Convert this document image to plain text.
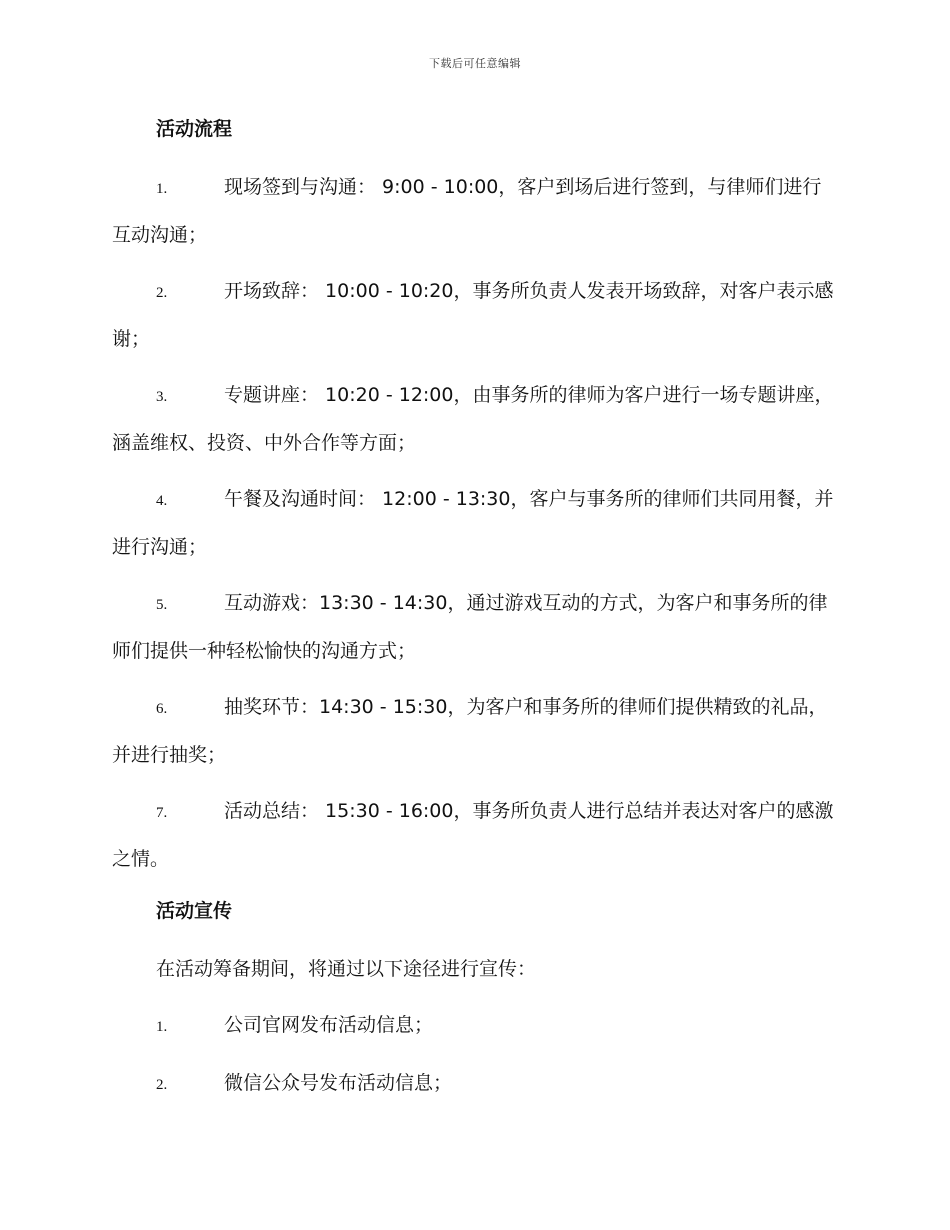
下载后可任意编辑
活动流程
1.	现场签到与沟通： 9:00 - 10:00，客户到场后进行签到，与律师们进行互动沟通；
2.	开场致辞： 10:00 - 10:20，事务所负责人发表开场致辞，对客户表示感谢；
3.	专题讲座： 10:20 - 12:00，由事务所的律师为客户进行一场专题讲座，涵盖维权、投资、中外合作等方面；
4.	午餐及沟通时间： 12:00 - 13:30，客户与事务所的律师们共同用餐，并进行沟通；
5.	互动游戏：13:30 - 14:30，通过游戏互动的方式，为客户和事务所的律师们提供一种轻松愉快的沟通方式；
6.	抽奖环节：14:30 - 15:30，为客户和事务所的律师们提供精致的礼品，并进行抽奖；
7.	活动总结： 15:30 - 16:00，事务所负责人进行总结并表达对客户的感激之情。
活动宣传
在活动筹备期间，将通过以下途径进行宣传：
1.	公司官网发布活动信息；
2.	微信公众号发布活动信息；
